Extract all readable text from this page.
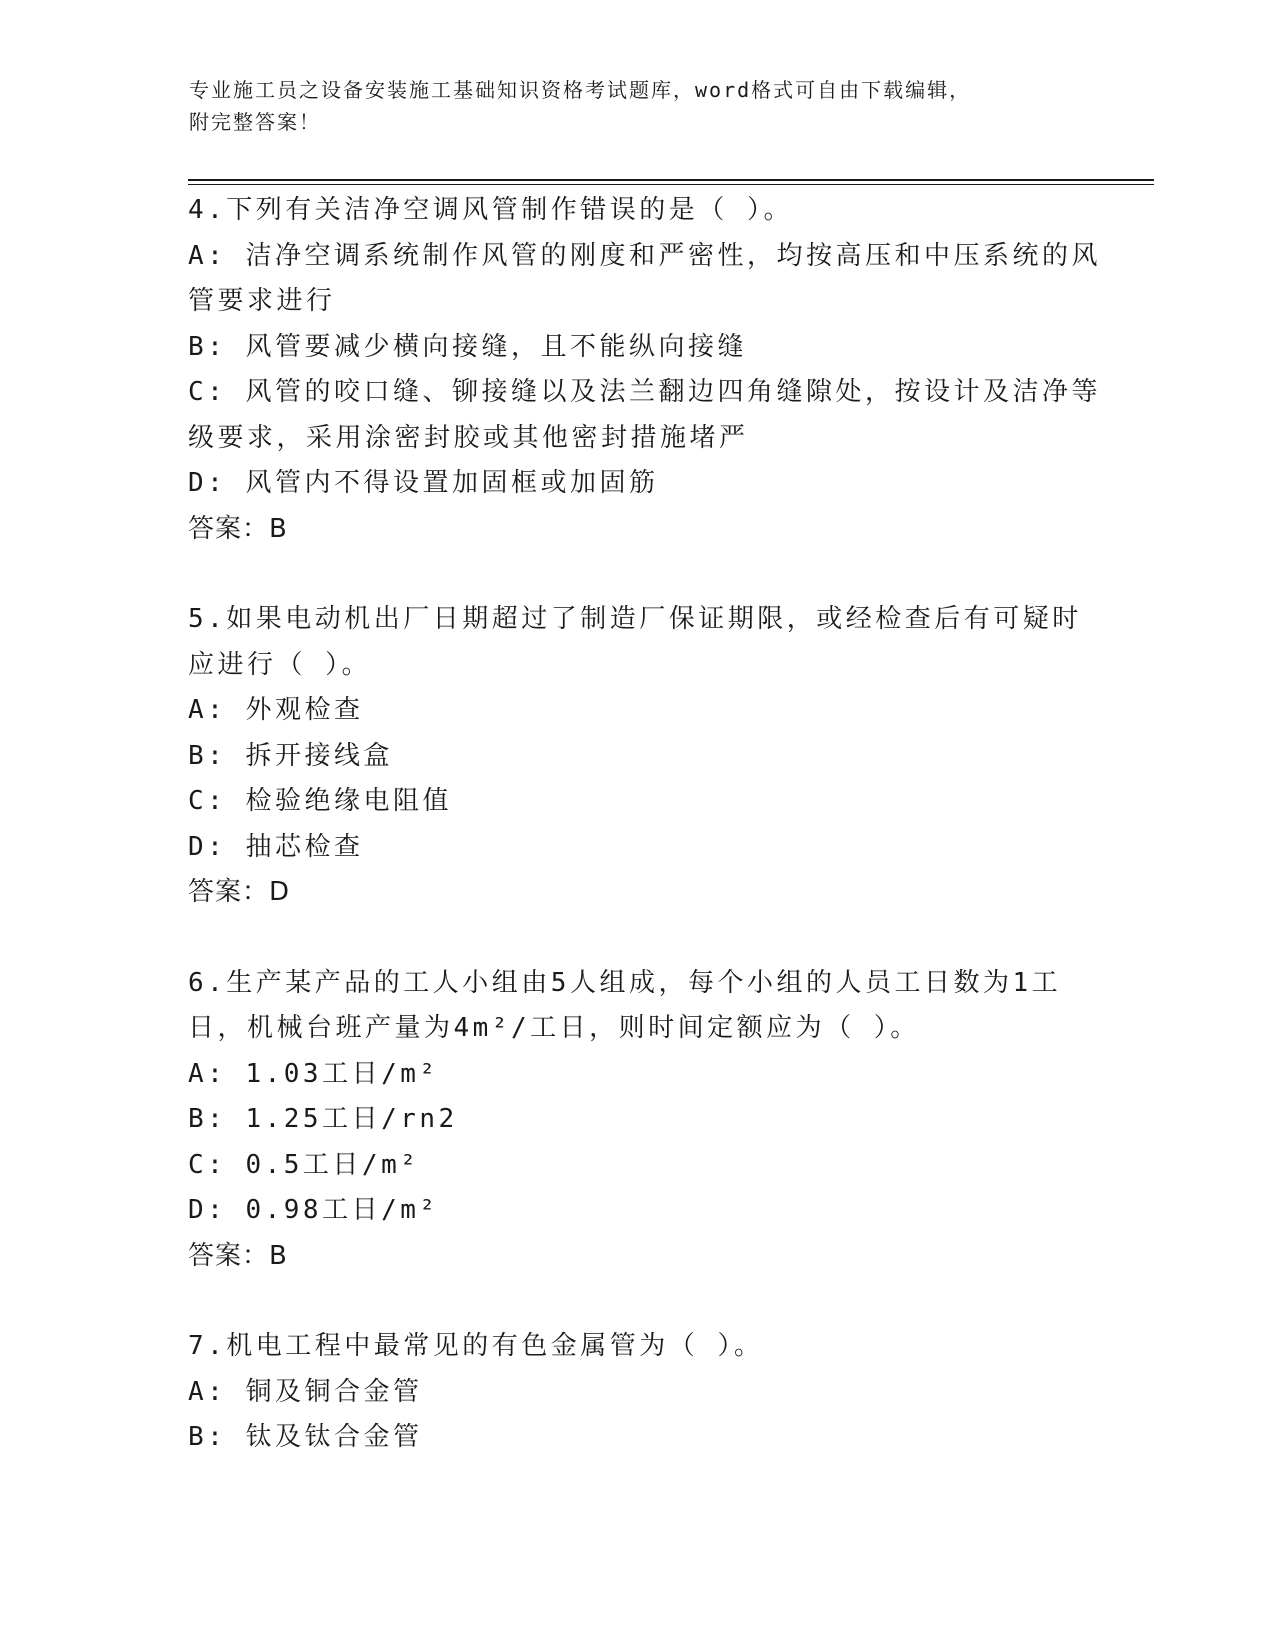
专业施工员之设备安装施工基础知识资格考试题库，word格式可自由下载编辑，
附完整答案！

4.下列有关洁净空调风管制作错误的是（ ）。

A: 洁净空调系统制作风管的刚度和严密性，均按高压和中压系统的风

管要求进行

B: 风管要减少横向接缝，且不能纵向接缝

C: 风管的咬口缝、铆接缝以及法兰翻边四角缝隙处，按设计及洁净等

级要求，采用涂密封胶或其他密封措施堵严

D: 风管内不得设置加固框或加固筋

答案：B

5.如果电动机出厂日期超过了制造厂保证期限，或经检查后有可疑时

应进行（ ）。

A: 外观检查

B: 拆开接线盒

C: 检验绝缘电阻值

D: 抽芯检查

答案：D

6.生产某产品的工人小组由5人组成，每个小组的人员工日数为1工

日，机械台班产量为4m²/工日，则时间定额应为（ ）。

A: 1.03工日/m²

B: 1.25工日/rn2

C: 0.5工日/m²

D: 0.98工日/m²

答案：B

7.机电工程中最常见的有色金属管为（ ）。

A: 铜及铜合金管

B: 钛及钛合金管
